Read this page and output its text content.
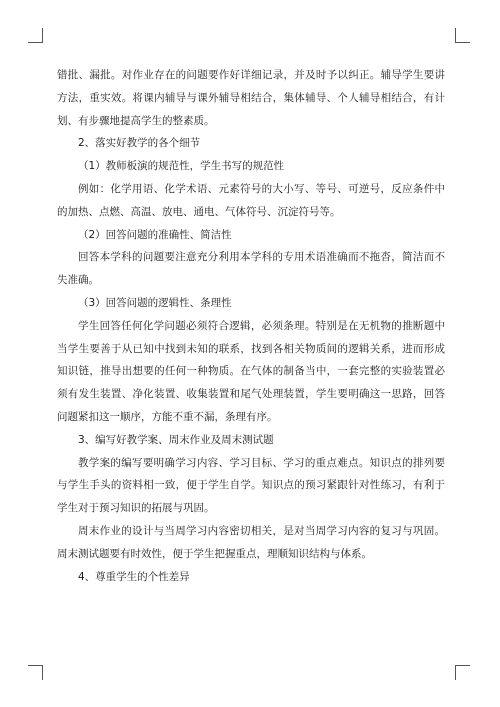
错批、漏批。对作业存在的问题要作好详细记录，并及时予以纠正。辅导学生要讲方法，重实效。将课内辅导与课外辅导相结合，集体辅导、个人辅导相结合，有计划、有步骤地提高学生的整素质。

2、落实好教学的各个细节

（1）教师板演的规范性，学生书写的规范性

例如：化学用语、化学术语、元素符号的大小写、等号、可逆号，反应条件中的加热、点燃、高温、放电、通电、气体符号、沉淀符号等。

（2）回答问题的准确性、简洁性

回答本学科的问题要注意充分利用本学科的专用术语准确而不拖沓，简洁而不失准确。

（3）回答问题的逻辑性、条理性

学生回答任何化学问题必须符合逻辑，必须条理。特别是在无机物的推断题中当学生要善于从已知中找到未知的联系，找到各相关物质间的逻辑关系，进而形成知识链，推导出想要的任何一种物质。在气体的制备当中，一套完整的实验装置必须有发生装置、净化装置、收集装置和尾气处理装置，学生要明确这一思路，回答问题紧扣这一顺序，方能不重不漏，条理有序。

3、编写好教学案、周末作业及周末测试题

教学案的编写要明确学习内容、学习目标、学习的重点难点。知识点的排列要与学生手头的资料相一致，便于学生自学。知识点的预习紧跟针对性练习，有利于学生对于预习知识的拓展与巩固。

周末作业的设计与当周学习内容密切相关，是对当周学习内容的复习与巩固。周末测试题要有时效性，便于学生把握重点，理顺知识结构与体系。

4、尊重学生的个性差异
